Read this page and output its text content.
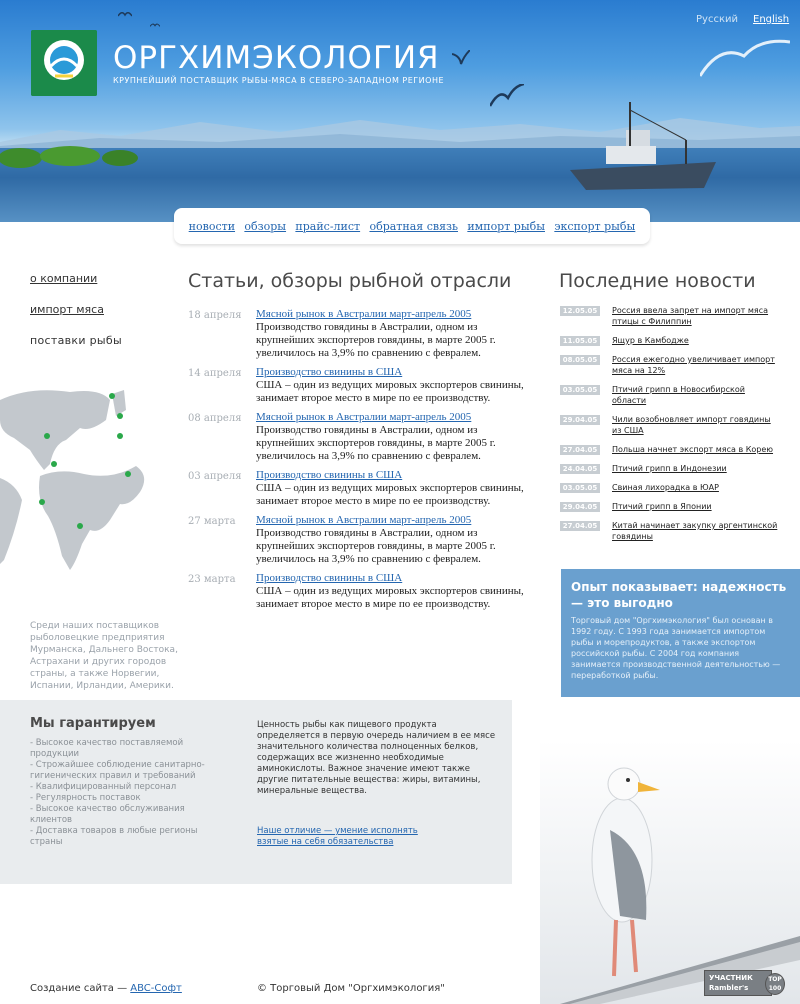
ОРГХИМЭКОЛОГИЯ
КРУПНЕЙШИЙ ПОСТАВЩИК РЫБЫ-МЯСА В СЕВЕРО-ЗАПАДНОМ РЕГИОНЕ
Русский English
новости обзоры прайс-лист обратная связь импорт рыбы экспорт рыбы
о компании
импорт мяса
поставки рыбы
Среди наших поставщиков рыболовецкие предприятия Мурманска, Дальнего Востока, Астрахани и других городов страны, а также Норвегии, Испании, Ирландии, Америки.
Статьи, обзоры рыбной отрасли
18 апреля	Мясной рынок в Австралии март-апрель 2005
Производство говядины в Австралии, одном из крупнейших экспортеров говядины, в марте 2005 г. увеличилось на 3,9% по сравнению с февралем.
14 апреля	Производство свинины в США
США – один из ведущих мировых экспортеров свинины, занимает второе место в мире по ее производству.
08 апреля	Мясной рынок в Австралии март-апрель 2005
Производство говядины в Австралии, одном из крупнейших экспортеров говядины, в марте 2005 г. увеличилось на 3,9% по сравнению с февралем.
03 апреля	Производство свинины в США
США – один из ведущих мировых экспортеров свинины, занимает второе место в мире по ее производству.
27 марта	Мясной рынок в Австралии март-апрель 2005
Производство говядины в Австралии, одном из крупнейших экспортеров говядины, в марте 2005 г. увеличилось на 3,9% по сравнению с февралем.
23 марта	Производство свинины в США
США – один из ведущих мировых экспортеров свинины, занимает второе место в мире по ее производству.
Последние новости
12.05.05	Россия ввела запрет на импорт мяса птицы с Филиппин
11.05.05	Ящур в Камбодже
08.05.05	Россия ежегодно увеличивает импорт мяса на 12%
03.05.05	Птичий грипп в Новосибирской области
29.04.05	Чили возобновляет импорт говядины из США
27.04.05	Польша начнет экспорт мяса в Корею
24.04.05	Птичий грипп в Индонезии
03.05.05	Свиная лихорадка в ЮАР
29.04.05	Птичий грипп в Японии
27.04.05	Китай начинает закупку аргентинской говядины
Опыт показывает: надежность — это выгодно

Торговый дом "Оргхимэкология" был основан в 1992 году. С 1993 года занимается импортом рыбы и морепродуктов, а также экспортом российской рыбы. С 2004 год компания занимается производственной деятельностью — переработкой рыбы.

Мы гарантируем
- Высокое качество поставляемой продукции
- Строжайшее соблюдение санитарно-гигиенических правил и требований
- Квалифицированный персонал
- Регулярность поставок
- Высокое качество обслуживания клиентов
- Доставка товаров в любые регионы страны
Ценность рыбы как пищевого продукта определяется в первую очередь наличием в ее мясе значительного количества полноценных белков, содержащих все жизненно необходимые аминокислоты. Важное значение имеют также другие питательные вещества: жиры, витамины, минеральные вещества.
Наше отличие — умение исполнять взятые на себя обязательства
Создание сайта — ABC-Софт	© Торговый Дом "Оргхимэкология"
УЧАСТНИК
Rambler's
TOP 100
